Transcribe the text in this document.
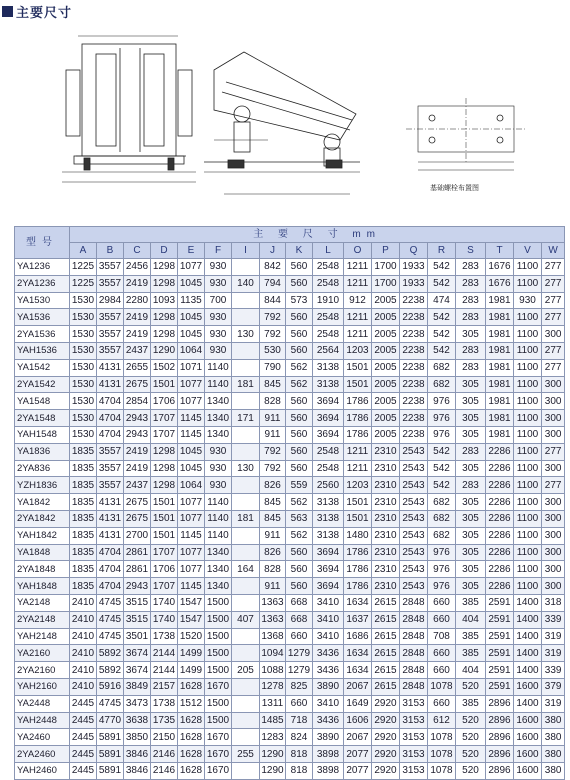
主要尺寸
基础螺栓布置图
型号	主 要 尺 寸 mm																	
	A	B	C	D	E	F	I	J	K	L	O	P	Q	R	S	T	V	W
YA1236	1225	3557	2456	1298	1077	930		842	560	2548	1211	1700	1933	542	283	1676	1100	277
2YA1236	1225	3557	2419	1298	1045	930	140	794	560	2548	1211	1700	1933	542	283	1676	1100	277
YA1530	1530	2984	2280	1093	1135	700		844	573	1910	912	2005	2238	474	283	1981	930	277
YA1536	1530	3557	2419	1298	1045	930		792	560	2548	1211	2005	2238	542	283	1981	1100	277
2YA1536	1530	3557	2419	1298	1045	930	130	792	560	2548	1211	2005	2238	542	305	1981	1100	300
YAH1536	1530	3557	2437	1290	1064	930		530	560	2564	1203	2005	2238	542	283	1981	1100	277
YA1542	1530	4131	2655	1502	1071	1140		790	562	3138	1501	2005	2238	682	283	1981	1100	277
2YA1542	1530	4131	2675	1501	1077	1140	181	845	562	3138	1501	2005	2238	682	305	1981	1100	300
YA1548	1530	4704	2854	1706	1077	1340		828	560	3694	1786	2005	2238	976	305	1981	1100	300
2YA1548	1530	4704	2943	1707	1145	1340	171	911	560	3694	1786	2005	2238	976	305	1981	1100	300
YAH1548	1530	4704	2943	1707	1145	1340		911	560	3694	1786	2005	2238	976	305	1981	1100	300
YA1836	1835	3557	2419	1298	1045	930		792	560	2548	1211	2310	2543	542	283	2286	1100	277
2YA836	1835	3557	2419	1298	1045	930	130	792	560	2548	1211	2310	2543	542	305	2286	1100	300
YZH1836	1835	3557	2437	1298	1064	930		826	559	2560	1203	2310	2543	542	283	2286	1100	277
YA1842	1835	4131	2675	1501	1077	1140		845	562	3138	1501	2310	2543	682	305	2286	1100	300
2YA1842	1835	4131	2675	1501	1077	1140	181	845	563	3138	1501	2310	2543	682	305	2286	1100	300
YAH1842	1835	4131	2700	1501	1145	1140		911	562	3138	1480	2310	2543	682	305	2286	1100	300
YA1848	1835	4704	2861	1707	1077	1340		826	560	3694	1786	2310	2543	976	305	2286	1100	300
2YA1848	1835	4704	2861	1706	1077	1340	164	828	560	3694	1786	2310	2543	976	305	2286	1100	300
YAH1848	1835	4704	2943	1707	1145	1340		911	560	3694	1786	2310	2543	976	305	2286	1100	300
YA2148	2410	4745	3515	1740	1547	1500		1363	668	3410	1634	2615	2848	660	385	2591	1400	318
2YA2148	2410	4745	3515	1740	1547	1500	407	1363	668	3410	1637	2615	2848	660	404	2591	1400	339
YAH2148	2410	4745	3501	1738	1520	1500		1368	660	3410	1686	2615	2848	708	385	2591	1400	319
YA2160	2410	5892	3674	2144	1499	1500		1094	1279	3436	1634	2615	2848	660	385	2591	1400	319
2YA2160	2410	5892	3674	2144	1499	1500	205	1088	1279	3436	1634	2615	2848	660	404	2591	1400	339
YAH2160	2410	5916	3849	2157	1628	1670		1278	825	3890	2067	2615	2848	1078	520	2591	1600	379
YA2448	2445	4745	3473	1738	1512	1500		1311	660	3410	1649	2920	3153	660	385	2896	1400	319
YAH2448	2445	4770	3638	1735	1628	1500		1485	718	3436	1606	2920	3153	612	520	2896	1600	380
YA2460	2445	5891	3850	2150	1628	1670		1283	824	3890	2067	2920	3153	1078	520	2896	1600	380
2YA2460	2445	5891	3846	2146	1628	1670	255	1290	818	3898	2077	2920	3153	1078	520	2896	1600	380
YAH2460	2445	5891	3846	2146	1628	1670		1290	818	3898	2077	2920	3153	1078	520	2896	1600	380
